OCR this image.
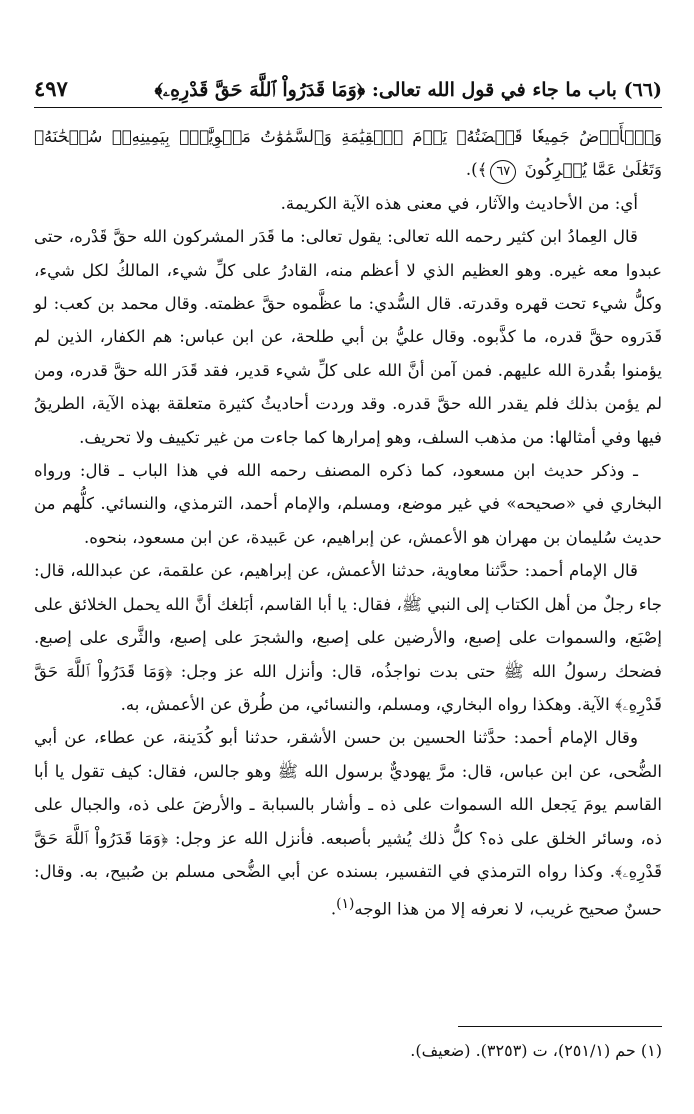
(٦٦) باب ما جاء في قول الله تعالى: ﴿وَمَا قَدَرُواْ ٱللَّهَ حَقَّ قَدْرِهِۦ﴾
٤٩٧

وَٱلۡأَرۡضُ جَمِيعٗا قَبۡضَتُهُۥ يَوۡمَ ٱلۡقِيَٰمَةِ وَٱلسَّمَٰوَٰتُ مَطۡوِيَّٰتُۢ بِيَمِينِهِۦۚ سُبۡحَٰنَهُۥ وَتَعَٰلَىٰ عَمَّا يُشۡرِكُونَ ٦٧﴾).

أي: من الأحاديث والآثار، في معنى هذه الآية الكريمة.

قال العِمادُ ابن كثير رحمه الله تعالى: يقول تعالى: ما قَدَر المشركون الله حقَّ قَدْره، حتى عبدوا معه غيره. وهو العظيم الذي لا أعظم منه، القادرُ على كلِّ شيء، المالكُ لكل شيء، وكلُّ شيء تحت قهره وقدرته. قال السُّدي: ما عظَّموه حقَّ عظمته. وقال محمد بن كعب: لو قَدَروه حقَّ قدره، ما كذَّبوه. وقال عليُّ بن أبي طلحة، عن ابن عباس: هم الكفار، الذين لم يؤمنوا بقُدرة الله عليهم. فمن آمن أنَّ الله على كلِّ شيء قدير، فقد قَدَر الله حقَّ قدره، ومن لم يؤمن بذلك فلم يقدر الله حقَّ قدره. وقد وردت أحاديثُ كثيرة متعلقة بهذه الآية، الطريقُ فيها وفي أمثالها: من مذهب السلف، وهو إمرارها كما جاءت من غير تكييف ولا تحريف.

ـ وذكر حديث ابن مسعود، كما ذكره المصنف رحمه الله في هذا الباب ـ قال: ورواه البخاري في «صحيحه» في غير موضع، ومسلم، والإمام أحمد، الترمذي، والنسائي. كلُّهم من حديث سُليمان بن مهران هو الأعمش، عن إبراهيم، عن عَبيدة، عن ابن مسعود، بنحوه.

قال الإمام أحمد: حدَّثنا معاوية، حدثنا الأعمش، عن إبراهيم، عن علقمة، عن عبدالله، قال: جاء رجلٌ من أهل الكتاب إلى النبي ﷺ، فقال: يا أبا القاسم، أبَلغك أنَّ الله يحمل الخلائق على إصْبَع، والسموات على إصبع، والأرضين على إصبع، والشجرَ على إصبع، والثَّرى على إصبع. فضحك رسولُ الله ﷺ حتى بدت نواجذُه، قال: وأنزل الله عز وجل: ﴿وَمَا قَدَرُواْ ٱللَّهَ حَقَّ قَدْرِهِۦ﴾ الآية. وهكذا رواه البخاري، ومسلم، والنسائي، من طُرق عن الأعمش، به.

وقال الإمام أحمد: حدَّثنا الحسين بن حسن الأشقر، حدثنا أبو كُدَينة، عن عطاء، عن أبي الضُّحى، عن ابن عباس، قال: مرَّ يهوديٌّ برسول الله ﷺ وهو جالس، فقال: كيف تقول يا أبا القاسم يومَ يَجعل الله السموات على ذه ـ وأشار بالسبابة ـ والأرضَ على ذه، والجبال على ذه، وسائر الخلق على ذه؟ كلُّ ذلك يُشير بأصبعه. فأنزل الله عز وجل: ﴿وَمَا قَدَرُواْ ٱللَّهَ حَقَّ قَدْرِهِۦ﴾. وكذا رواه الترمذي في التفسير، بسنده عن أبي الضُّحى مسلم بن صُبيح، به. وقال: حسنٌ صحيح غريب، لا نعرفه إلا من هذا الوجه$^{(١)}$.

(١) حم (٢٥١/١)، ت (٣٢٥٣). (ضعيف).
